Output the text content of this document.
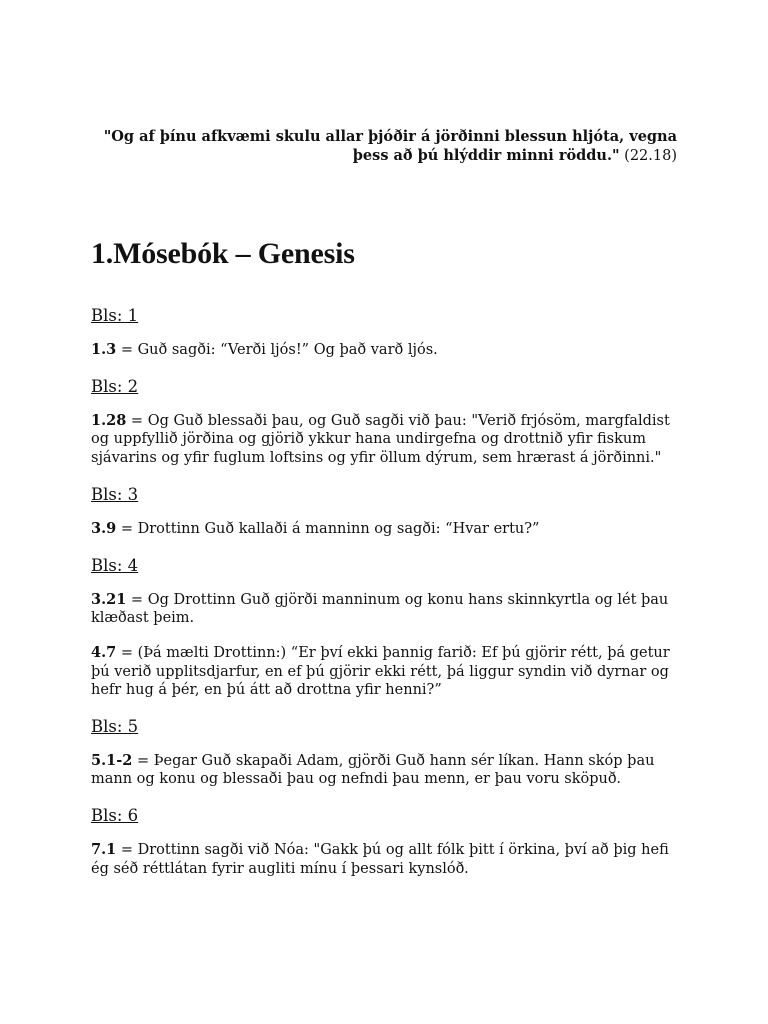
"Og af þínu afkvæmi skulu allar þjóðir á jörðinni blessun hljóta, vegna þess að þú hlýddir minni röddu." (22.18)
1.Mósebók – Genesis
Bls: 1

1.3 = Guð sagði: “Verði ljós!” Og það varð ljós.

Bls: 2

1.28 = Og Guð blessaði þau, og Guð sagði við þau: "Verið frjósöm, margfaldist og uppfyllið jörðina og gjörið ykkur hana undirgefna og drottnið yfir fiskum sjávarins og yfir fuglum loftsins og yfir öllum dýrum, sem hrærast á jörðinni."

Bls: 3

3.9 = Drottinn Guð kallaði á manninn og sagði: “Hvar ertu?”

Bls: 4

3.21 = Og Drottinn Guð gjörði manninum og konu hans skinnkyrtla og lét þau klæðast þeim.

4.7 = (Þá mælti Drottinn:) “Er því ekki þannig farið: Ef þú gjörir rétt, þá getur þú verið upplitsdjarfur, en ef þú gjörir ekki rétt, þá liggur syndin við dyrnar og hefr hug á þér, en þú átt að drottna yfir henni?”

Bls: 5

5.1-2 = Þegar Guð skapaði Adam, gjörði Guð hann sér líkan. Hann skóp þau mann og konu og blessaði þau og nefndi þau menn, er þau voru sköpuð.

Bls: 6

7.1 = Drottinn sagði við Nóa: "Gakk þú og allt fólk þitt í örkina, því að þig hefi ég séð réttlátan fyrir augliti mínu í þessari kynslóð.
